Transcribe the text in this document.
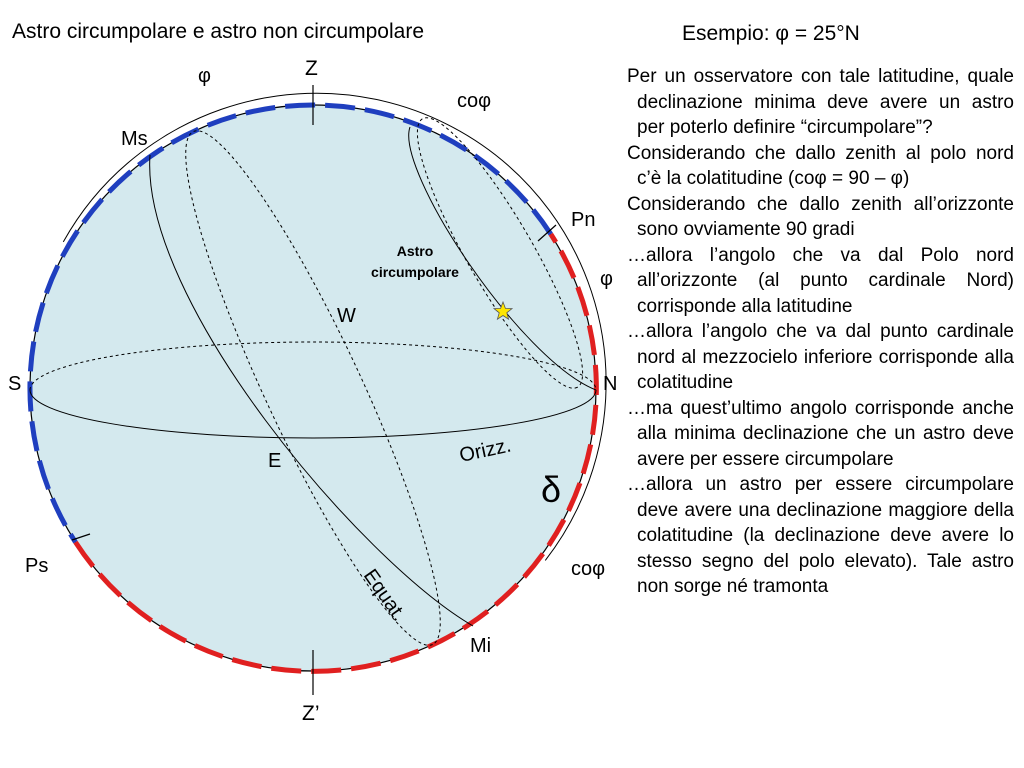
Astro circumpolare e astro non circumpolare
Z
Z’
φ
coφ
Ms
Pn
φ
Astro
circumpolare
W
S	N
Orizz.
E
δ
Ps	coφ
Equat.
Mi
Esempio: φ = 25°N
Per un osservatore con tale latitudine, quale declinazione minima deve avere un astro per poterlo definire “circumpolare”?
Considerando che dallo zenith al polo nord c’è la colatitudine (coφ = 90 – φ)
Considerando che dallo zenith all’orizzonte sono ovviamente 90 gradi
…allora l’angolo che va dal Polo nord all’orizzonte (al punto cardinale Nord) corrisponde alla latitudine
…allora l’angolo che va dal punto cardinale nord al mezzocielo inferiore corrisponde alla colatitudine
…ma quest’ultimo angolo corrisponde anche alla minima declinazione che un astro deve avere per essere circumpolare
…allora un astro per essere circumpolare deve avere una declinazione maggiore della colatitudine (la declinazione deve avere lo stesso segno del polo elevato). Tale astro non sorge né tramonta
